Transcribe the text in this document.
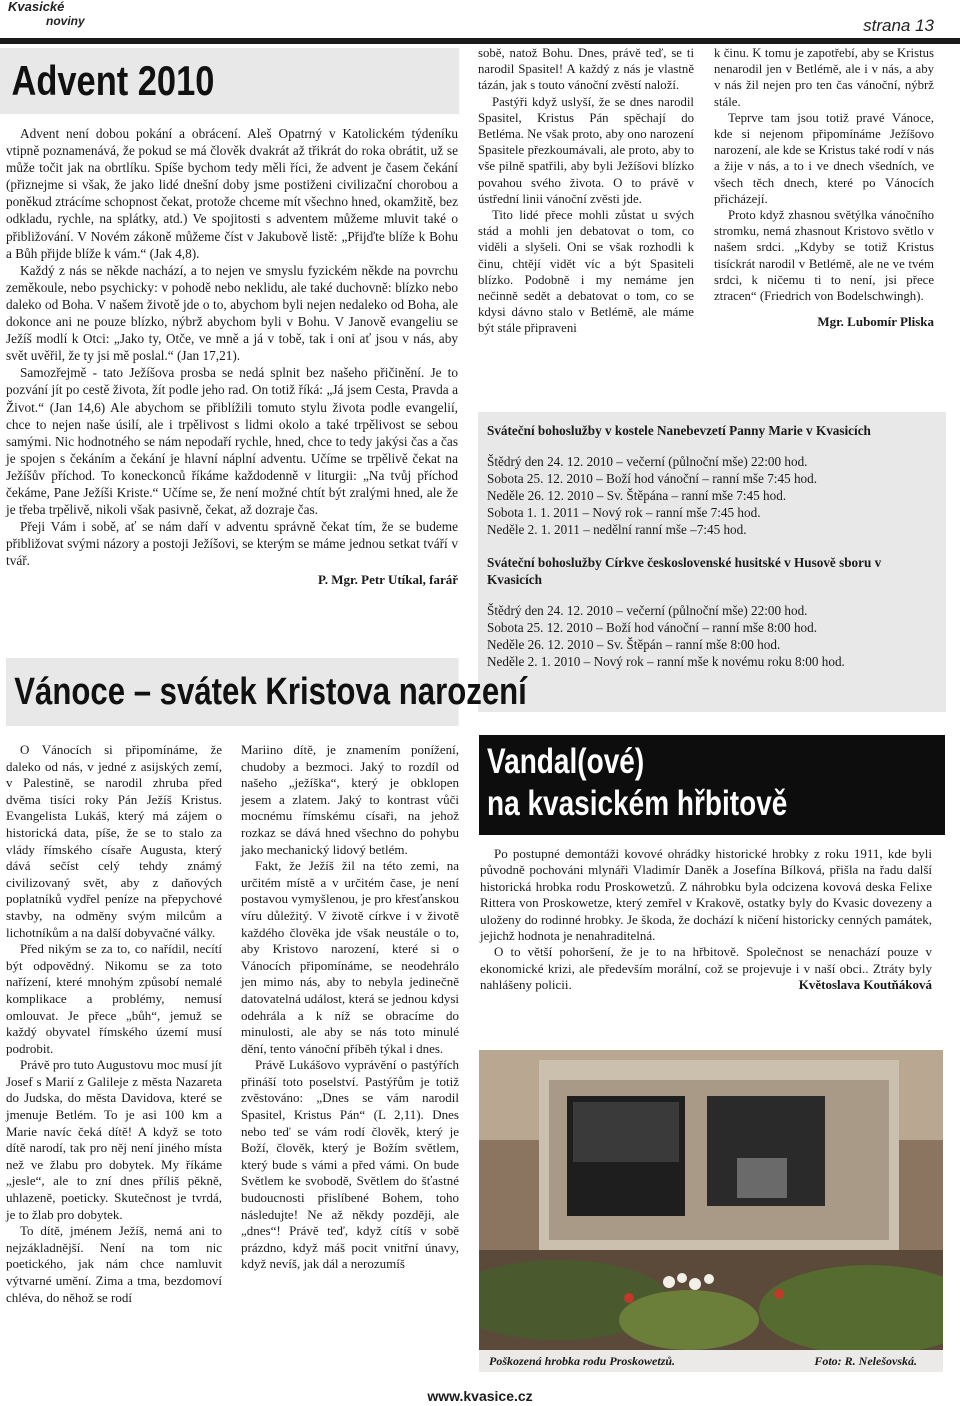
Kvasické
noviny	strana 13
Advent 2010

Advent není dobou pokání a obrácení. Aleš Opatrný v Katolickém týdeníku vtipně poznamenává, že pokud se má člověk dvakrát až třikrát do roka obrátit, už se může točit jak na obrtlíku. Spíše bychom tedy měli říci, že advent je časem čekání (přiznejme si však, že jako lidé dnešní doby jsme postiženi civilizační chorobou a poněkud ztrácíme schopnost čekat, protože chceme mít všechno hned, okamžitě, bez odkladu, rychle, na splátky, atd.) Ve spojitosti s adventem můžeme mluvit také o přibližování. V Novém zákoně můžeme číst v Jakubově listě: „Přijďte blíže k Bohu a Bůh přijde blíže k vám.“ (Jak 4,8).

Každý z nás se někde nachází, a to nejen ve smyslu fyzickém někde na povrchu zeměkoule, nebo psychicky: v pohodě nebo neklidu, ale také duchovně: blízko nebo daleko od Boha. V našem životě jde o to, abychom byli nejen nedaleko od Boha, ale dokonce ani ne pouze blízko, nýbrž abychom byli v Bohu. V Janově evangeliu se Ježíš modlí k Otci: „Jako ty, Otče, ve mně a já v tobě, tak i oni ať jsou v nás, aby svět uvěřil, že ty jsi mě poslal.“ (Jan 17,21).

Samozřejmě - tato Ježíšova prosba se nedá splnit bez našeho přičinění. Je to pozvání jít po cestě života, žít podle jeho rad. On totiž říká: „Já jsem Cesta, Pravda a Život.“ (Jan 14,6) Ale abychom se přiblížili tomuto stylu života podle evangelií, chce to nejen naše úsilí, ale i trpělivost s lidmi okolo a také trpělivost se sebou samými. Nic hodnotného se nám nepodaří rychle, hned, chce to tedy jakýsi čas a čas je spojen s čekáním a čekání je hlavní náplní adventu. Učíme se trpělivě čekat na Ježíšův příchod. To koneckonců říkáme každodenně v liturgii: „Na tvůj příchod čekáme, Pane Ježíši Kriste.“ Učíme se, že není možné chtít být zralými hned, ale že je třeba trpělivě, nikoli však pasivně, čekat, až dozraje čas.

Přeji Vám i sobě, ať se nám daří v adventu správně čekat tím, že se budeme přibližovat svými názory a postoji Ježíšovi, se kterým se máme jednou setkat tváří v tvář.

P. Mgr. Petr Utíkal, farář

sobě, natož Bohu. Dnes, právě teď, se ti narodil Spasitel! A každý z nás je vlastně tázán, jak s touto vánoční zvěstí naloží.

Pastýři když uslyší, že se dnes narodil Spasitel, Kristus Pán spěchají do Betléma. Ne však proto, aby ono narození Spasitele přezkoumávali, ale proto, aby to vše pilně spatřili, aby byli Ježíšovi blízko povahou svého života. O to právě v ústřední linii vánoční zvěsti jde.

Tito lidé přece mohli zůstat u svých stád a mohli jen debatovat o tom, co viděli a slyšeli. Oni se však rozhodli k činu, chtějí vidět víc a být Spasiteli blízko. Podobně i my nemáme jen nečinně sedět a debatovat o tom, co se kdysi dávno stalo v Betlémě, ale máme být stále připraveni

k činu. K tomu je zapotřebí, aby se Kristus nenarodil jen v Betlémě, ale i v nás, a aby v nás žil nejen pro ten čas vánoční, nýbrž stále.

Teprve tam jsou totiž pravé Vánoce, kde si nejenom připomínáme Ježíšovo narození, ale kde se Kristus také rodí v nás a žije v nás, a to i ve dnech všedních, ve všech těch dnech, které po Vánocích přicházejí.

Proto když zhasnou světýlka vánočního stromku, nemá zhasnout Kristovo světlo v našem srdci. „Kdyby se totiž Kristus tisíckrát narodil v Betlémě, ale ne ve tvém srdci, k ničemu ti to není, jsi přece ztracen“ (Friedrich von Bodelschwingh).

Mgr. Lubomír Pliska
Sváteční bohoslužby v kostele Nanebevzetí Panny Marie v Kvasicích
Štědrý den 24. 12. 2010 – večerní (půlnoční mše) 22:00 hod.
Sobota 25. 12. 2010 – Boží hod vánoční – ranní mše 7:45 hod.
Neděle 26. 12. 2010 – Sv. Štěpána – ranní mše 7:45 hod.
Sobota 1. 1. 2011 – Nový rok – ranní mše 7:45 hod.
Neděle 2. 1. 2011 – nedělní ranní mše –7:45 hod.
Sváteční bohoslužby Církve československé husitské v Husově sboru v Kvasicích
Štědrý den 24. 12. 2010 – večerní (půlnoční mše) 22:00 hod.
Sobota 25. 12. 2010 – Boží hod vánoční – ranní mše 8:00 hod.
Neděle 26. 12. 2010 – Sv. Štěpán – ranní mše 8:00 hod.
Neděle 2. 1. 2010 – Nový rok – ranní mše k novému roku 8:00 hod.
Vánoce – svátek Kristova narození

O Vánocích si připomínáme, že daleko od nás, v jedné z asijských zemí, v Palestině, se narodil zhruba před dvěma tisíci roky Pán Ježíš Kristus. Evangelista Lukáš, který má zájem o historická data, píše, že se to stalo za vlády římského císaře Augusta, který dává sečíst celý tehdy známý civilizovaný svět, aby z daňových poplatníků vydřel peníze na přepychové stavby, na odměny svým milcům a lichotníkům a na další dobyvačné války.

Před nikým se za to, co nařídil, necítí být odpovědný. Nikomu se za toto nařízení, které mnohým způsobí nemalé komplikace a problémy, nemusí omlouvat. Je přece „bůh“, jemuž se každý obyvatel římského území musí podrobit.

Právě pro tuto Augustovu moc musí jít Josef s Marií z Galileje z města Nazareta do Judska, do města Davidova, které se jmenuje Betlém. To je asi 100 km a Marie navíc čeká dítě! A když se toto dítě narodí, tak pro něj není jiného místa než ve žlabu pro dobytek. My říkáme „jesle“, ale to zní dnes příliš pěkně, uhlazeně, poeticky. Skutečnost je tvrdá, je to žlab pro dobytek.

To dítě, jménem Ježíš, nemá ani to nejzákladnější. Není na tom nic poetického, jak nám chce namluvit výtvarné umění. Zima a tma, bezdomoví chléva, do něhož se rodí

Mariino dítě, je znamením ponížení, chudoby a bezmoci. Jaký to rozdíl od našeho „ježíška“, který je obklopen jesem a zlatem. Jaký to kontrast vůči mocnému římskému císaři, na jehož rozkaz se dává hned všechno do pohybu jako mechanický lidový betlém.

Fakt, že Ježíš žil na této zemi, na určitém místě a v určitém čase, je není postavou vymyšlenou, je pro křesťanskou víru důležitý. V životě církve i v životě každého člověka jde však neustále o to, aby Kristovo narození, které si o Vánocích připomínáme, se neodehrálo jen mimo nás, aby to nebyla jedinečně datovatelná událost, která se jednou kdysi odehrála a k níž se obracíme do minulosti, ale aby se nás toto minulé dění, tento vánoční příběh týkal i dnes.

Právě Lukášovo vyprávění o pastýřích přináší toto poselství. Pastýřům je totiž zvěstováno: „Dnes se vám narodil Spasitel, Kristus Pán“ (L 2,11). Dnes nebo teď se vám rodí člověk, který je Boží, člověk, který je Božím světlem, který bude s vámi a před vámi. On bude Světlem ke svobodě, Světlem do šťastné budoucnosti přislíbené Bohem, toho následujte! Ne až někdy později, ale „dnes“! Právě teď, když cítíš v sobě prázdno, když máš pocit vnitřní únavy, když nevíš, jak dál a nerozumíš

Vandal(ové)
na kvasickém hřbitově

Po postupné demontáži kovové ohrádky historické hrobky z roku 1911, kde byli původně pochováni mlynáři Vladimír Daněk a Josefína Bílková, přišla na řadu další historická hrobka rodu Proskowetzů. Z náhrobku byla odcizena kovová deska Felixe Rittera von Proskowetze, který zemřel v Krakově, ostatky byly do Kvasic dovezeny a uloženy do rodinné hrobky. Je škoda, že dochází k ničení historicky cenných památek, jejichž hodnota je nenahraditelná.

O to větší pohoršení, že je to na hřbitově. Společnost se nenachází pouze v ekonomické krizi, ale především morální, což se projevuje i v naší obci.. Ztráty byly nahlášeny policii.	Květoslava Koutňáková
Poškozená hrobka rodu Proskowetzů.	Foto: R. Nelešovská.
www.kvasice.cz
